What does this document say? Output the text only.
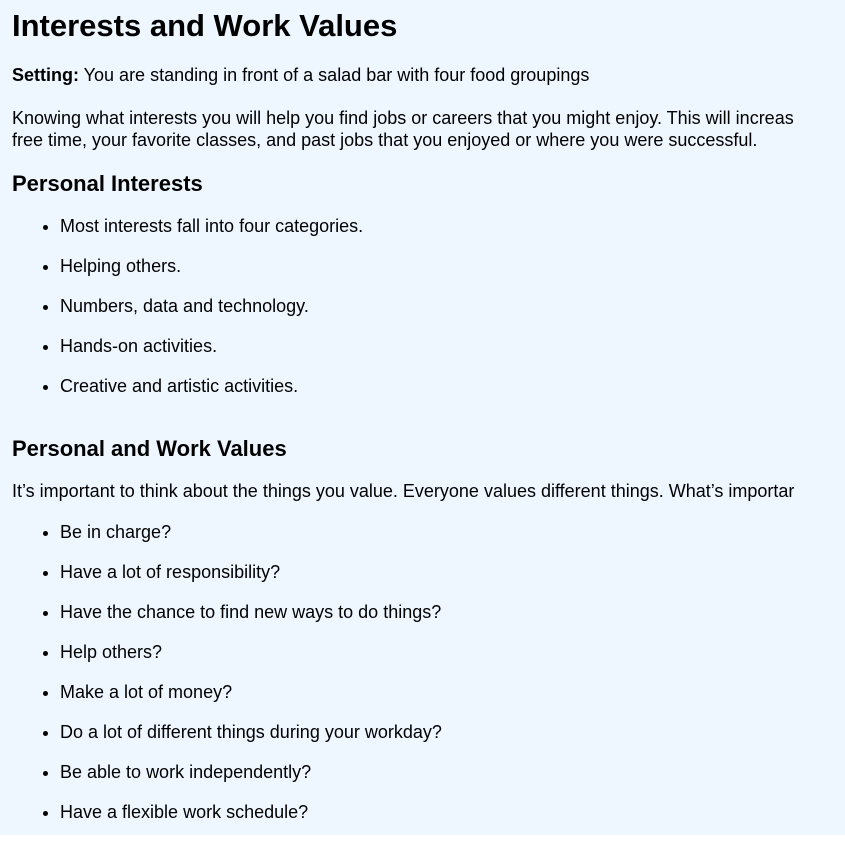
Interests and Work Values

Setting: You are standing in front of a salad bar with four food groupings

Knowing what interests you will help you find jobs or careers that you might enjoy. This will increas
free time, your favorite classes, and past jobs that you enjoyed or where you were successful.

Personal Interests
• Most interests fall into four categories.
• Helping others.
• Numbers, data and technology.
• Hands-on activities.
• Creative and artistic activities.
Personal and Work Values

It’s important to think about the things you value. Everyone values different things. What’s importar

• Be in charge?
• Have a lot of responsibility?
• Have the chance to find new ways to do things?
• Help others?
• Make a lot of money?
• Do a lot of different things during your workday?
• Be able to work independently?
• Have a flexible work schedule?
